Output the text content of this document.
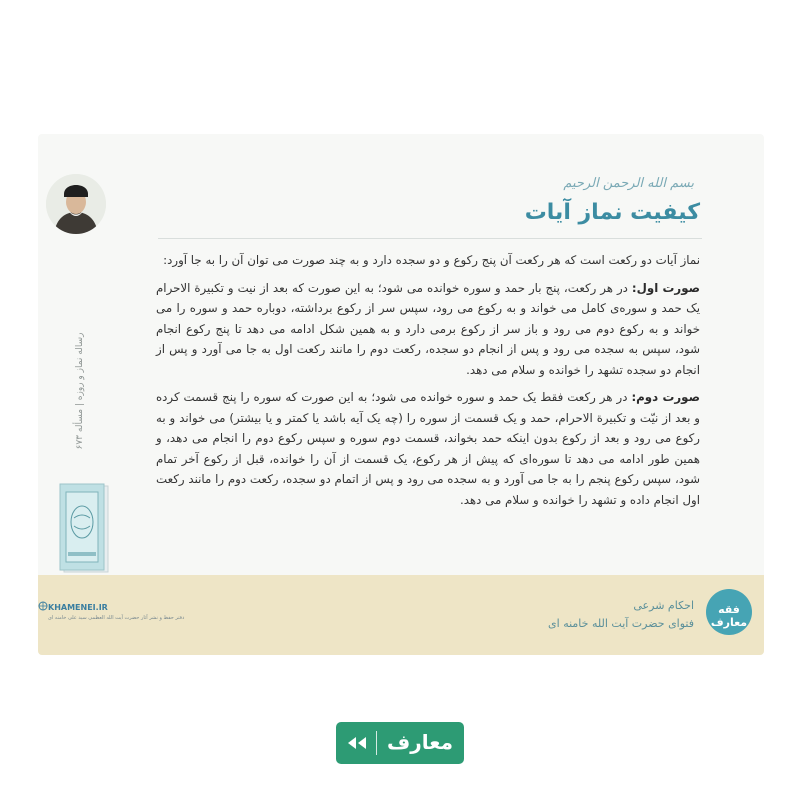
رساله نماز و روزه | مسأله ۶۷۳
بسم الله الرحمن الرحیم
کیفیت نماز آیات

نماز آیات دو رکعت است که هر رکعت آن پنج رکوع و دو سجده دارد و به چند صورت می توان آن را به جا آورد:

صورت اول: در هر رکعت، پنج بار حمد و سوره خوانده می شود؛ به این صورت که بعد از نیت و تکبیرة الاحرام یک حمد و سوره‌ی کامل می خواند و به رکوع می رود، سپس سر از رکوع برداشته، دوباره حمد و سوره را می خواند و به رکوع دوم می رود و باز سر از رکوع برمی دارد و به همین شکل ادامه می دهد تا پنج رکوع انجام شود، سپس به سجده می رود و پس از انجام دو سجده، رکعت دوم را مانند رکعت اول به جا می آورد و پس از انجام دو سجده تشهد را خوانده و سلام می دهد.

صورت دوم: در هر رکعت فقط یک حمد و سوره خوانده می شود؛ به این صورت که سوره را پنج قسمت کرده و بعد از نیّت و تکبیرة الاحرام، حمد و یک قسمت از سوره را (چه یک آیه باشد یا کمتر و یا بیشتر) می خواند و به رکوع می رود و بعد از رکوع بدون اینکه حمد بخواند، قسمت دوم سوره و سپس رکوع دوم را انجام می دهد، و همین طور ادامه می دهد تا سوره‌ای که پیش از هر رکوع، یک قسمت از آن را خوانده، قبل از رکوع آخر تمام شود، سپس رکوع پنجم را به جا می آورد و به سجده می رود و پس از اتمام دو سجده، رکعت دوم را مانند رکعت اول انجام داده و تشهد را خوانده و سلام می دهد.

KHAMENEI.IR
دفتر حفظ و نشر آثار حضرت آیت الله العظمی سید علی خامنه ای
احکام شرعی
فتوای حضرت آیت الله خامنه ای
فقه معارف
معارف
